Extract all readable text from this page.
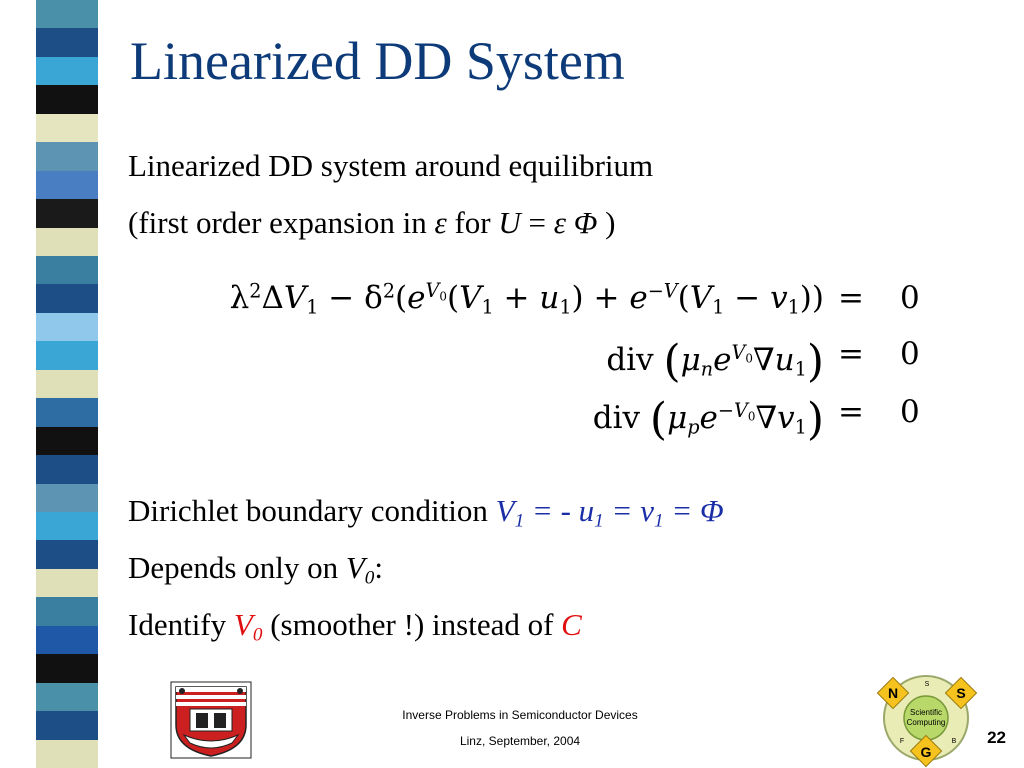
Linearized DD System
Linearized DD system around equilibrium
(first order expansion in ε for U = ε Φ )
$\lambda^2\Delta V_1 - \delta^2(e^{V_0}(V_1 + u_1) + e^{-V}(V_1 - v_1)) = 0$
div $(\mu_ne^{V_0}\nabla u_1) = 0$
div $(\mu_pe^{-V_0}\nabla v_1) = 0$
Dirichlet boundary condition $V_1$ = - $u_1 = v_1 = \Phi$
Depends only on $V_0$:
Identify $V_0$ (smoother !) instead of C
Inverse Problems in Semiconductor Devices
Linz, September, 2004
Scientific
Computing
N	S
G
S
F	B 22
